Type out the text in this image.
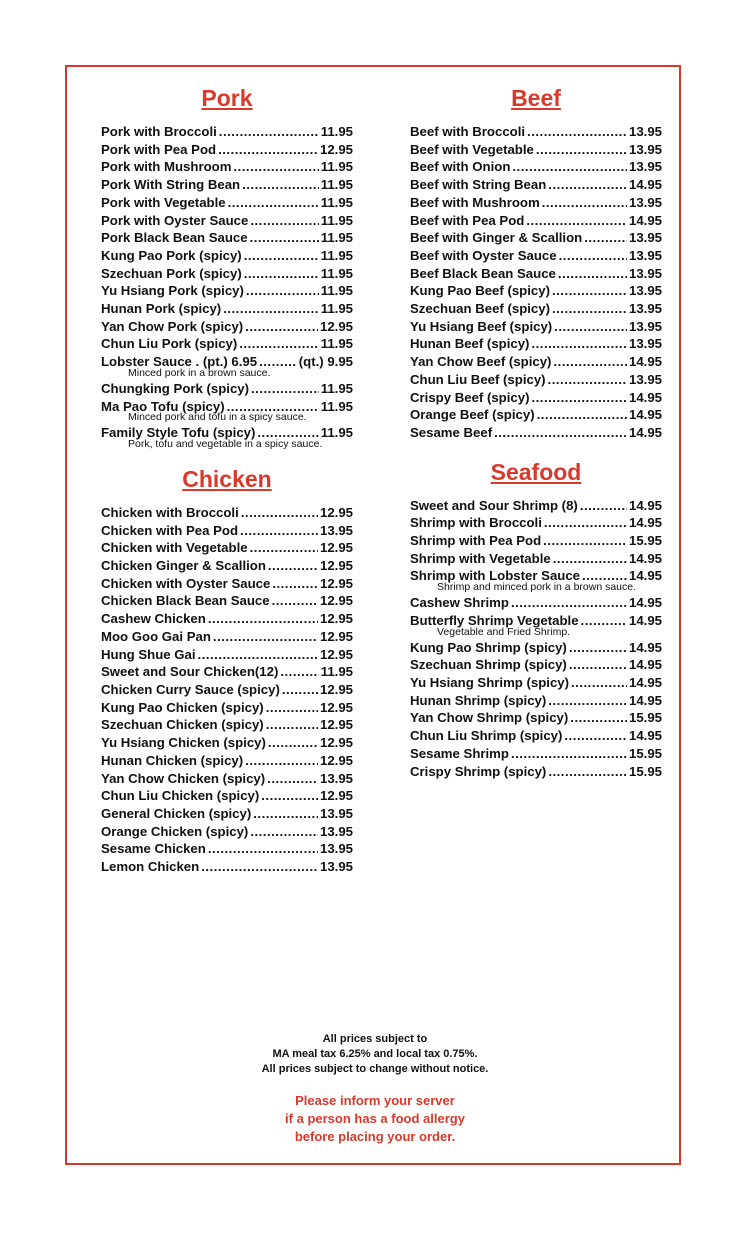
Pork
Pork with Broccoli .....	11.95
Pork with Pea Pod .....	12.95
Pork with Mushroom .....	11.95
Pork With String Bean .....	11.95
Pork with Vegetable .....	11.95
Pork with Oyster Sauce .....	11.95
Pork Black Bean Sauce .....	11.95
Kung Pao Pork (spicy) .....	11.95
Szechuan Pork (spicy) .....	11.95
Yu Hsiang Pork (spicy) .....	11.95
Hunan Pork (spicy) .....	11.95
Yan Chow Pork (spicy) .....	12.95
Chun Liu Pork (spicy) .....	11.95
Lobster Sauce . (pt.) 6.95 .....	(qt.) 9.95
Minced pork in a brown sauce.
Chungking Pork (spicy) .....	11.95
Ma Pao Tofu (spicy) .....	11.95
Minced pork and tofu in a spicy sauce.
Family Style Tofu (spicy) .....	11.95
Pork, tofu and vegetable in a spicy sauce.
Chicken
Chicken with Broccoli .....	12.95
Chicken with Pea Pod .....	13.95
Chicken with Vegetable .....	12.95
Chicken Ginger & Scallion .....	12.95
Chicken with Oyster Sauce .....	12.95
Chicken Black Bean Sauce .....	12.95
Cashew Chicken .....	12.95
Moo Goo Gai Pan .....	12.95
Hung Shue Gai .....	12.95
Sweet and Sour Chicken(12) .....	11.95
Chicken Curry Sauce (spicy) .....	12.95
Kung Pao Chicken (spicy) .....	12.95
Szechuan Chicken (spicy) .....	12.95
Yu Hsiang Chicken (spicy) .....	12.95
Hunan Chicken (spicy) .....	12.95
Yan Chow Chicken (spicy) .....	13.95
Chun Liu Chicken (spicy) .....	12.95
General Chicken (spicy) .....	13.95
Orange Chicken (spicy) .....	13.95
Sesame Chicken .....	13.95
Lemon Chicken .....	13.95
Beef
Beef with Broccoli .....	13.95
Beef with Vegetable .....	13.95
Beef with Onion .....	13.95
Beef with String Bean .....	14.95
Beef with Mushroom .....	13.95
Beef with Pea Pod .....	14.95
Beef with Ginger & Scallion .....	13.95
Beef with Oyster Sauce .....	13.95
Beef Black Bean Sauce .....	13.95
Kung Pao Beef (spicy) .....	13.95
Szechuan Beef (spicy) .....	13.95
Yu Hsiang Beef (spicy) .....	13.95
Hunan Beef (spicy) .....	13.95
Yan Chow Beef (spicy) .....	14.95
Chun Liu Beef (spicy) .....	13.95
Crispy Beef (spicy) .....	14.95
Orange Beef (spicy) .....	14.95
Sesame Beef .....	14.95
Seafood
Sweet and Sour Shrimp (8) .....	14.95
Shrimp with Broccoli .....	14.95
Shrimp with Pea Pod .....	15.95
Shrimp with Vegetable .....	14.95
Shrimp with Lobster Sauce .....	14.95
Shrimp and minced pork in a brown sauce.
Cashew Shrimp .....	14.95
Butterfly Shrimp Vegetable .....	14.95
Vegetable and Fried Shrimp.
Kung Pao Shrimp (spicy) .....	14.95
Szechuan Shrimp (spicy) .....	14.95
Yu Hsiang Shrimp (spicy) .....	14.95
Hunan Shrimp (spicy) .....	14.95
Yan Chow Shrimp (spicy) .....	15.95
Chun Liu Shrimp (spicy) .....	14.95
Sesame Shrimp .....	15.95
Crispy Shrimp (spicy) .....	15.95
All prices subject to
MA meal tax 6.25% and local tax 0.75%.
All prices subject to change without notice.
Please inform your server
if a person has a food allergy
before placing your order.
